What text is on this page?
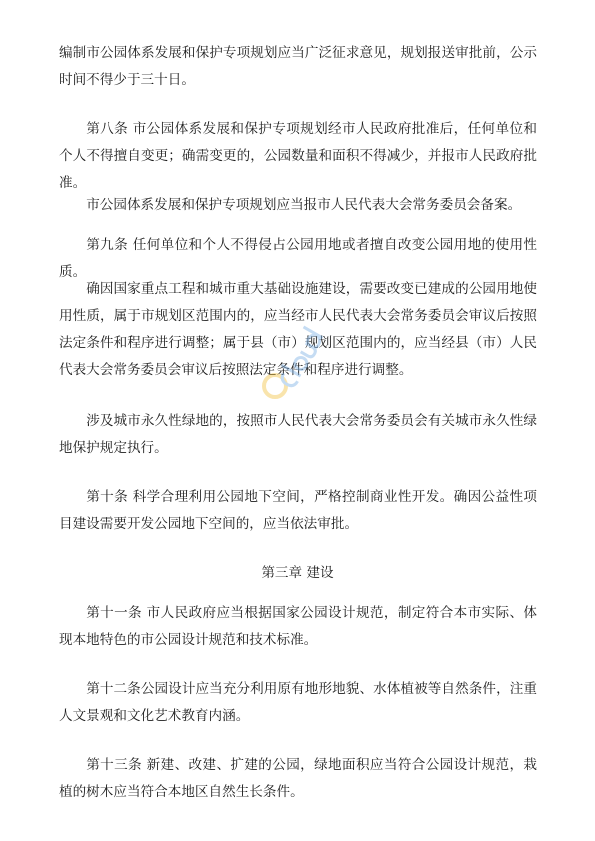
编制市公园体系发展和保护专项规划应当广泛征求意见，规划报送审批前，公示时间不得少于三十日。

第八条 市公园体系发展和保护专项规划经市人民政府批准后，任何单位和个人不得擅自变更；确需变更的，公园数量和面积不得减少，并报市人民政府批准。

市公园体系发展和保护专项规划应当报市人民代表大会常务委员会备案。

第九条 任何单位和个人不得侵占公园用地或者擅自改变公园用地的使用性质。

确因国家重点工程和城市重大基础设施建设，需要改变已建成的公园用地使用性质，属于市规划区范围内的，应当经市人民代表大会常务委员会审议后按照法定条件和程序进行调整；属于县（市）规划区范围内的，应当经县（市）人民代表大会常务委员会审议后按照法定条件和程序进行调整。

涉及城市永久性绿地的，按照市人民代表大会常务委员会有关城市永久性绿地保护规定执行。

第十条 科学合理利用公园地下空间，严格控制商业性开发。确因公益性项目建设需要开发公园地下空间的，应当依法审批。

第三章 建设

第十一条 市人民政府应当根据国家公园设计规范，制定符合本市实际、体现本地特色的市公园设计规范和技术标准。

第十二条公园设计应当充分利用原有地形地貌、水体植被等自然条件，注重人文景观和文化艺术教育内涵。

第十三条 新建、改建、扩建的公园，绿地面积应当符合公园设计规范，栽植的树木应当符合本地区自然生长条件。
